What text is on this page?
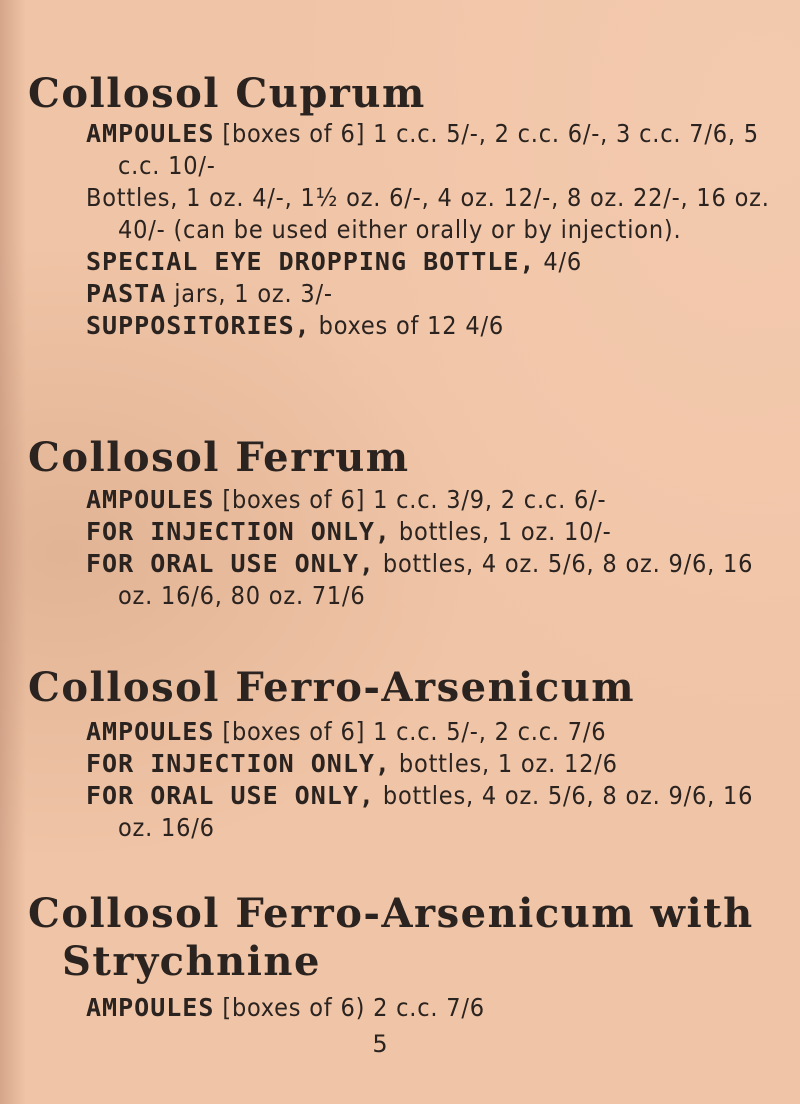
Collosol Cuprum

AMPOULES [boxes of 6] 1 c.c. 5/-, 2 c.c. 6/-, 3 c.c. 7/6, 5 c.c. 10/-

Bottles, 1 oz. 4/-, 1½ oz. 6/-, 4 oz. 12/-, 8 oz. 22/-, 16 oz. 40/- (can be used either orally or by injection).

SPECIAL EYE DROPPING BOTTLE, 4/6

PASTA jars, 1 oz. 3/-

SUPPOSITORIES, boxes of 12 4/6

Collosol Ferrum

AMPOULES [boxes of 6] 1 c.c. 3/9, 2 c.c. 6/-

FOR INJECTION ONLY, bottles, 1 oz. 10/-

FOR ORAL USE ONLY, bottles, 4 oz. 5/6, 8 oz. 9/6, 16 oz. 16/6, 80 oz. 71/6

Collosol Ferro-Arsenicum

AMPOULES [boxes of 6] 1 c.c. 5/-, 2 c.c. 7/6

FOR INJECTION ONLY, bottles, 1 oz. 12/6

FOR ORAL USE ONLY, bottles, 4 oz. 5/6, 8 oz. 9/6, 16 oz. 16/6

Collosol Ferro-Arsenicum with
Strychnine

AMPOULES [boxes of 6) 2 c.c. 7/6

5
